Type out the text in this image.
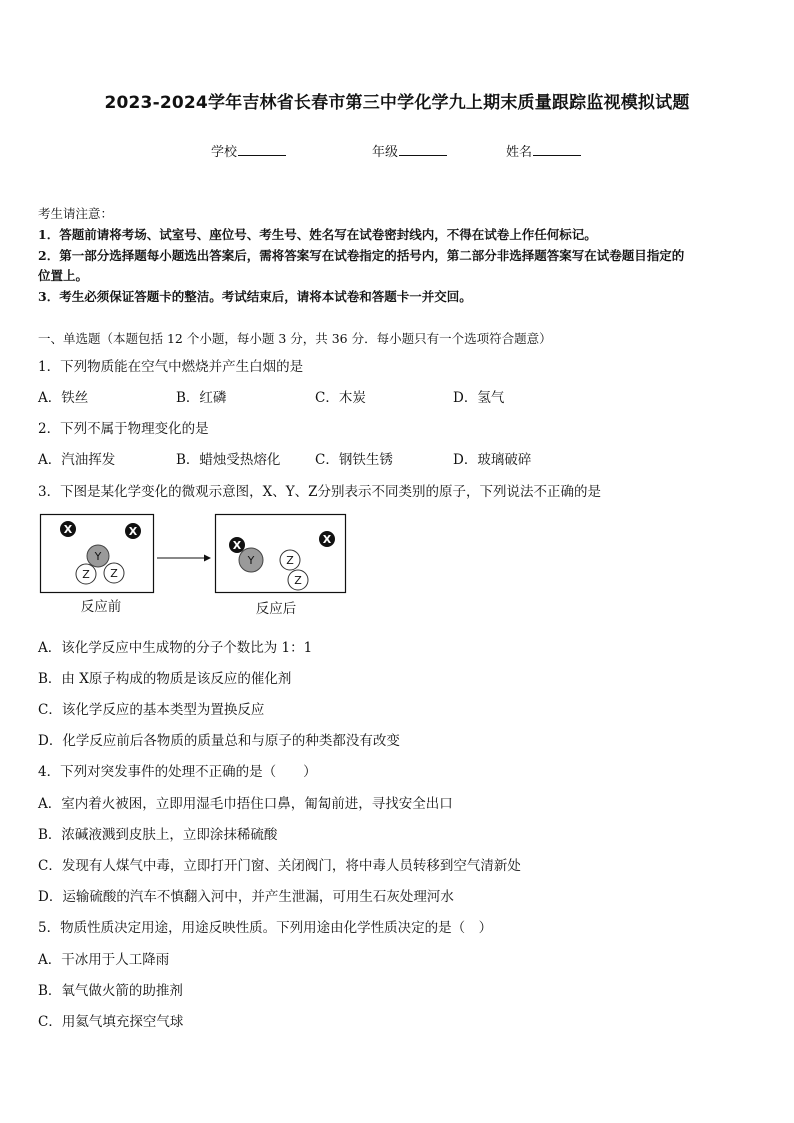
2023-2024学年吉林省长春市第三中学化学九上期末质量跟踪监视模拟试题
学校	年级	姓名
考生请注意：
1．答题前请将考场、试室号、座位号、考生号、姓名写在试卷密封线内，不得在试卷上作任何标记。
2．第一部分选择题每小题选出答案后，需将答案写在试卷指定的括号内，第二部分非选择题答案写在试卷题目指定的
位置上。
3．考生必须保证答题卡的整洁。考试结束后，请将本试卷和答题卡一并交回。
一、单选题（本题包括 12 个小题，每小题 3 分，共 36 分．每小题只有一个选项符合题意）
1．下列物质能在空气中燃烧并产生白烟的是
A．铁丝	B．红磷	C．木炭	D．氢气
2．下列不属于物理变化的是
A．汽油挥发	B．蜡烛受热熔化	C．钢铁生锈	D．玻璃破碎
3．下图是某化学变化的微观示意图，X、Y、Z分别表示不同类别的原子，下列说法不正确的是
X	X
Y
Z Z
Y
X
Z
Z
X
反应前	反应后
A．该化学反应中生成物的分子个数比为 1：1
B．由 X原子构成的物质是该反应的催化剂
C．该化学反应的基本类型为置换反应
D．化学反应前后各物质的质量总和与原子的种类都没有改变
4．下列对突发事件的处理不正确的是（　　）
A．室内着火被困，立即用湿毛巾捂住口鼻，匍匐前进，寻找安全出口
B．浓碱液溅到皮肤上，立即涂抹稀硫酸
C．发现有人煤气中毒，立即打开门窗、关闭阀门，将中毒人员转移到空气清新处
D．运输硫酸的汽车不慎翻入河中，并产生泄漏，可用生石灰处理河水
5．物质性质决定用途，用途反映性质。下列用途由化学性质决定的是（　）
A．干冰用于人工降雨
B．氧气做火箭的助推剂
C．用氦气填充探空气球
